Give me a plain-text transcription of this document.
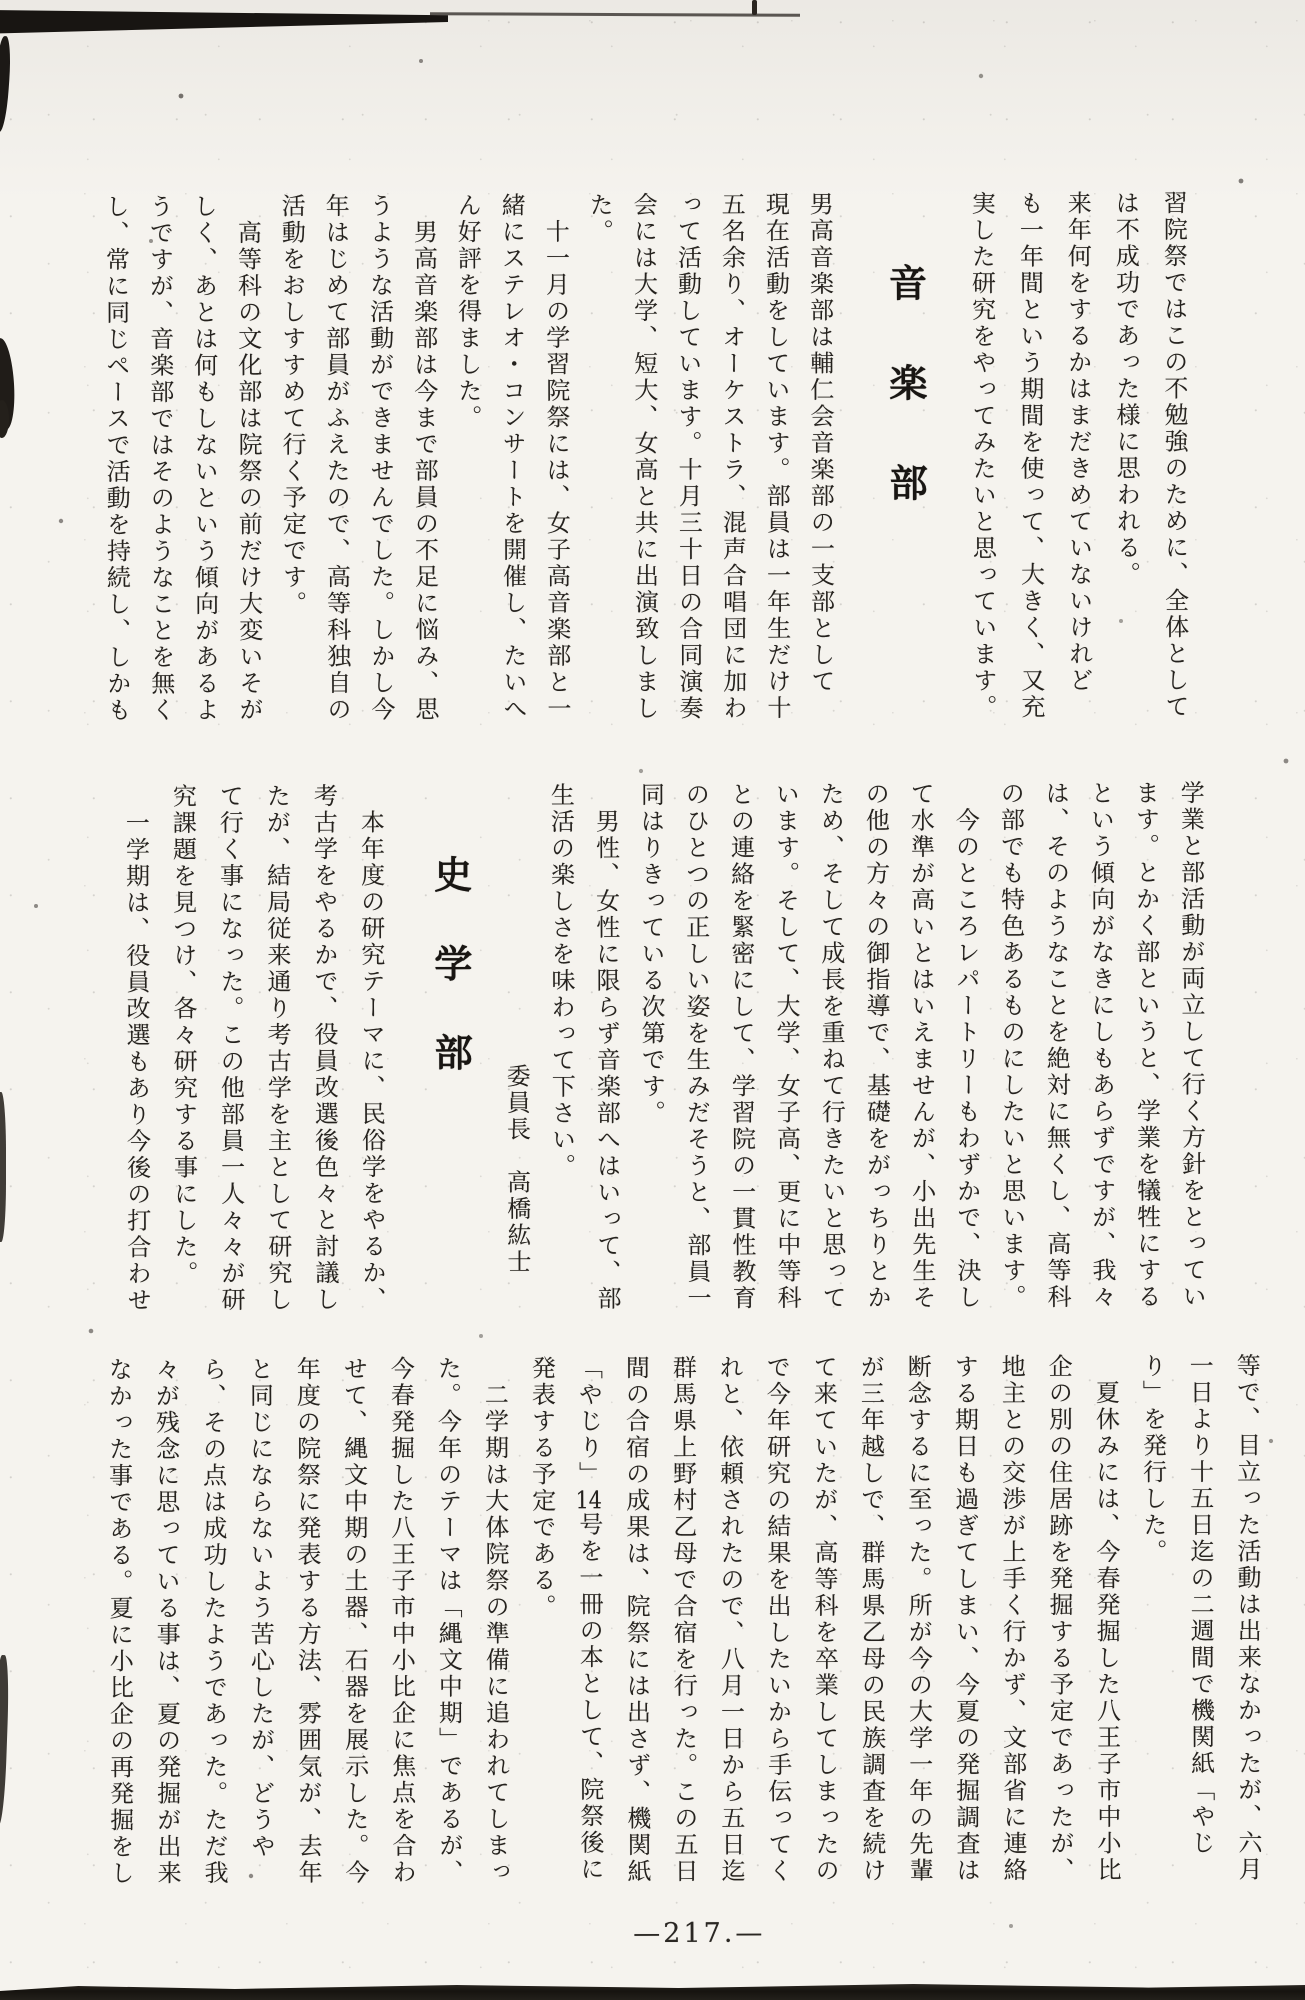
習院祭ではこの不勉強のために、全体として
は不成功であった様に思われる。
来年何をするかはまだきめていないけれど
も一年間という期間を使って、大きく、又充
実した研究をやってみたいと思っています。
音楽部
男高音楽部は輔仁会音楽部の一支部として
現在活動をしています。部員は一年生だけ十
五名余り、オーケストラ、混声合唱団に加わ
って活動しています。十月三十日の合同演奏
会には大学、短大、女高と共に出演致しまし
た。
　十一月の学習院祭には、女子高音楽部と一
緒にステレオ・コンサートを開催し、たいへ
ん好評を得ました。
　男高音楽部は今まで部員の不足に悩み、思
うような活動ができませんでした。しかし今
年はじめて部員がふえたので、高等科独自の
活動をおしすすめて行く予定です。
　高等科の文化部は院祭の前だけ大変いそが
しく、あとは何もしないという傾向があるよ
うですが、音楽部ではそのようなことを無く
し、常に同じペースで活動を持続し、しかも
学業と部活動が両立して行く方針をとってい
ます。とかく部というと、学業を犠牲にする
という傾向がなきにしもあらずですが、我々
は、そのようなことを絶対に無くし、高等科
の部でも特色あるものにしたいと思います。
　今のところレパートリーもわずかで、決し
て水準が高いとはいえませんが、小出先生そ
の他の方々の御指導で、基礎をがっちりとか
ため、そして成長を重ねて行きたいと思って
います。そして、大学、女子高、更に中等科
との連絡を緊密にして、学習院の一貫性教育
のひとつの正しい姿を生みだそうと、部員一
同はりきっている次第です。
　男性、女性に限らず音楽部へはいって、部
生活の楽しさを味わって下さい。
委員長　高橋紘士
史学部
　本年度の研究テーマに、民俗学をやるか、
考古学をやるかで、役員改選後色々と討議し
たが、結局従来通り考古学を主として研究し
て行く事になった。この他部員一人々々が研
究課題を見つけ、各々研究する事にした。
　一学期は、役員改選もあり今後の打合わせ
等で、目立った活動は出来なかったが、六月
一日より十五日迄の二週間で機関紙「やじ
り」を発行した。
　夏休みには、今春発掘した八王子市中小比
企の別の住居跡を発掘する予定であったが、
地主との交渉が上手く行かず、文部省に連絡
する期日も過ぎてしまい、今夏の発掘調査は
断念するに至った。所が今の大学一年の先輩
が三年越しで、群馬県乙母の民族調査を続け
て来ていたが、高等科を卒業してしまったの
で今年研究の結果を出したいから手伝ってく
れと、依頼されたので、八月一日から五日迄
群馬県上野村乙母で合宿を行った。この五日
間の合宿の成果は、院祭には出さず、機関紙
「やじり」14号を一冊の本として、院祭後に
発表する予定である。
　二学期は大体院祭の準備に追われてしまっ
た。今年のテーマは「縄文中期」であるが、
今春発掘した八王子市中小比企に焦点を合わ
せて、縄文中期の土器、石器を展示した。今
年度の院祭に発表する方法、雰囲気が、去年
と同じにならないよう苦心したが、どうや
ら、その点は成功したようであった。ただ我
々が残念に思っている事は、夏の発掘が出来
なかった事である。夏に小比企の再発掘をし
—217.—
